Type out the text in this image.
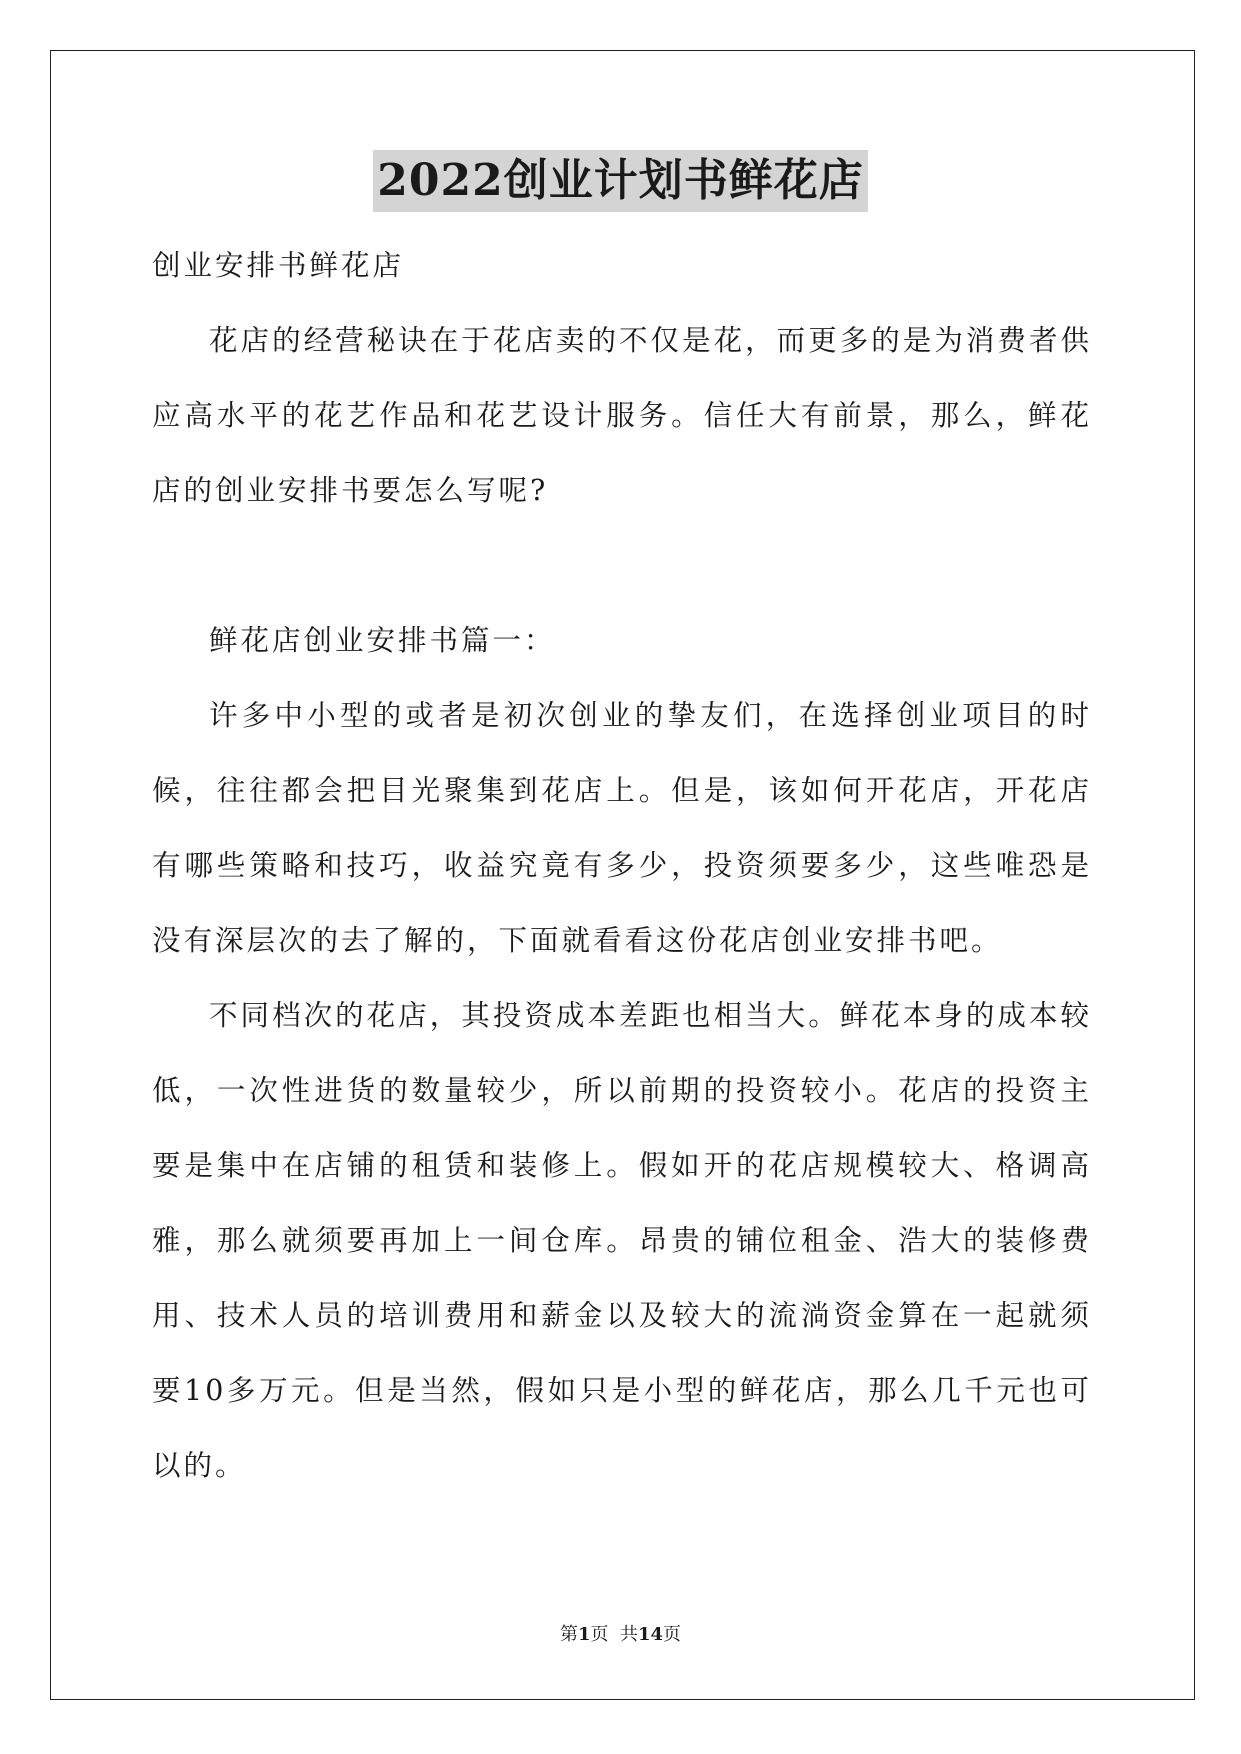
2022创业计划书鲜花店

创业安排书鲜花店

花店的经营秘诀在于花店卖的不仅是花，而更多的是为消费者供应高水平的花艺作品和花艺设计服务。信任大有前景，那么，鲜花店的创业安排书要怎么写呢?

鲜花店创业安排书篇一：

许多中小型的或者是初次创业的挚友们，在选择创业项目的时候，往往都会把目光聚集到花店上。但是，该如何开花店，开花店有哪些策略和技巧，收益究竟有多少，投资须要多少，这些唯恐是没有深层次的去了解的，下面就看看这份花店创业安排书吧。

不同档次的花店，其投资成本差距也相当大。鲜花本身的成本较低，一次性进货的数量较少，所以前期的投资较小。花店的投资主要是集中在店铺的租赁和装修上。假如开的花店规模较大、格调高雅，那么就须要再加上一间仓库。昂贵的铺位租金、浩大的装修费用、技术人员的培训费用和薪金以及较大的流淌资金算在一起就须要10多万元。但是当然，假如只是小型的鲜花店，那么几千元也可以的。

第1页  共14页
